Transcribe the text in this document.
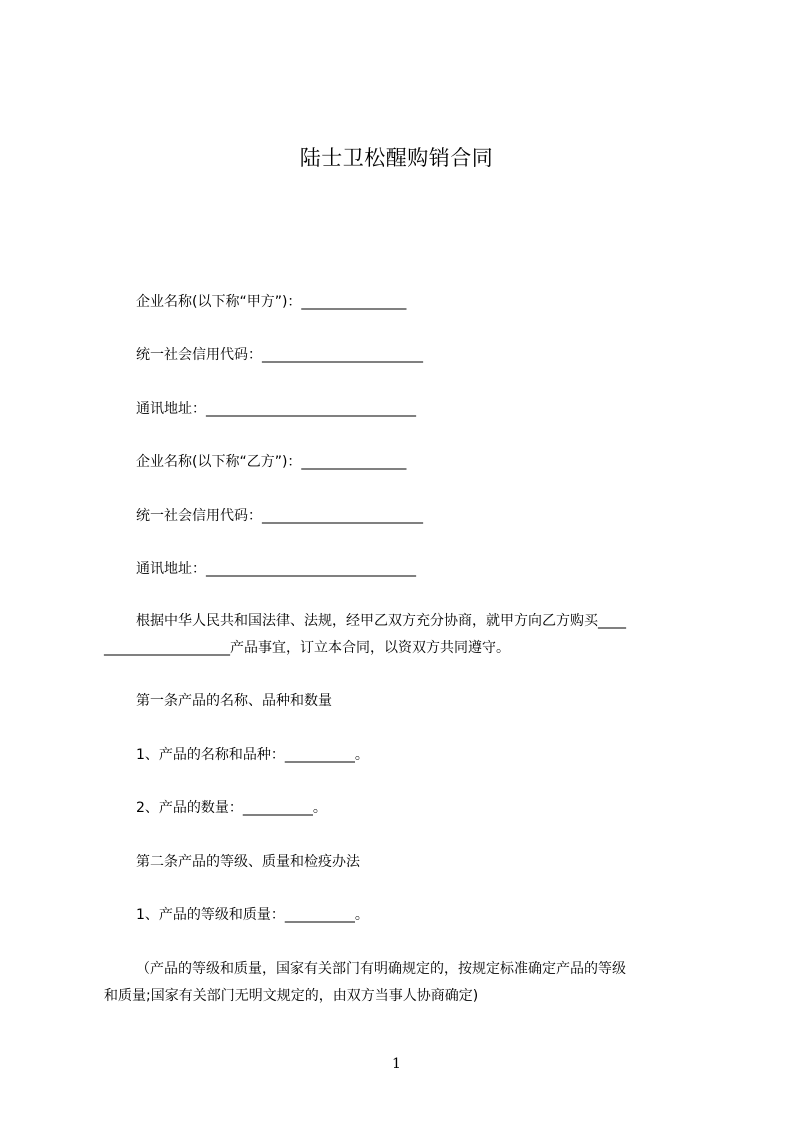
陆士卫松醒购销合同
企业名称(以下称“甲方”)：_______________
统一社会信用代码：_______________________
通讯地址：______________________________
企业名称(以下称“乙方”)：_______________
统一社会信用代码：_______________________
通讯地址：______________________________
根据中华人民共和国法律、法规，经甲乙双方充分协商，就甲方向乙方购买____
__________________产品事宜，订立本合同，以资双方共同遵守。
第一条产品的名称、品种和数量
1、产品的名称和品种：__________。
2、产品的数量：__________。
第二条产品的等级、质量和检疫办法
1、产品的等级和质量：__________。
（产品的等级和质量，国家有关部门有明确规定的，按规定标准确定产品的等级
和质量;国家有关部门无明文规定的，由双方当事人协商确定)
1
